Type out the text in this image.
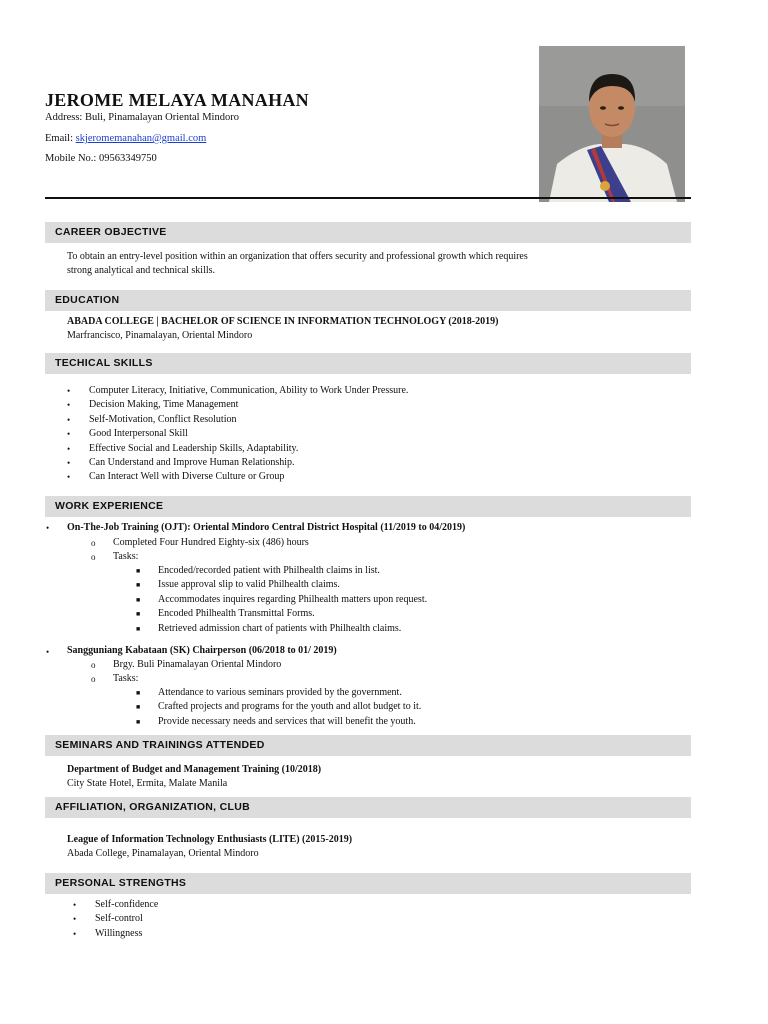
JEROME MELAYA MANAHAN

Address: Buli, Pinamalayan Oriental Mindoro

Email: skjeromemanahan@gmail.com

Mobile No.: 09563349750

CAREER OBJECTIVE

To obtain an entry-level position within an organization that offers security and professional growth which requires

strong analytical and technical skills.

EDUCATION

ABADA COLLEGE | BACHELOR OF SCIENCE IN INFORMATION TECHNOLOGY (2018-2019)

Marfrancisco, Pinamalayan, Oriental Mindoro

TECHICAL SKILLS
• Computer Literacy, Initiative, Communication, Ability to Work Under Pressure.
• Decision Making, Time Management
• Self-Motivation, Conflict Resolution
• Good Interpersonal Skill
• Effective Social and Leadership Skills, Adaptability.
• Can Understand and Improve Human Relationship.
• Can Interact Well with Diverse Culture or Group
WORK EXPERIENCE
• On-The-Job Training (OJT): Oriental Mindoro Central District Hospital (11/2019 to 04/2019)

o Completed Four Hundred Eighty-six (486) hours

o Tasks:

■ Encoded/recorded patient with Philhealth claims in list.
■ Issue approval slip to valid Philhealth claims.
■ Accommodates inquires regarding Philhealth matters upon request.
■ Encoded Philhealth Transmittal Forms.
■ Retrieved admission chart of patients with Philhealth claims.
• Sangguniang Kabataan (SK) Chairperson (06/2018 to 01/ 2019)

o Brgy. Buli Pinamalayan Oriental Mindoro

o Tasks:

■ Attendance to various seminars provided by the government.
■ Crafted projects and programs for the youth and allot budget to it.
■ Provide necessary needs and services that will benefit the youth.
SEMINARS AND TRAININGS ATTENDED

Department of Budget and Management Training (10/2018)

City State Hotel, Ermita, Malate Manila

AFFILIATION, ORGANIZATION, CLUB

League of Information Technology Enthusiasts (LITE) (2015-2019)

Abada College, Pinamalayan, Oriental Mindoro

PERSONAL STRENGTHS
• Self-confidence
• Self-control
• Willingness
